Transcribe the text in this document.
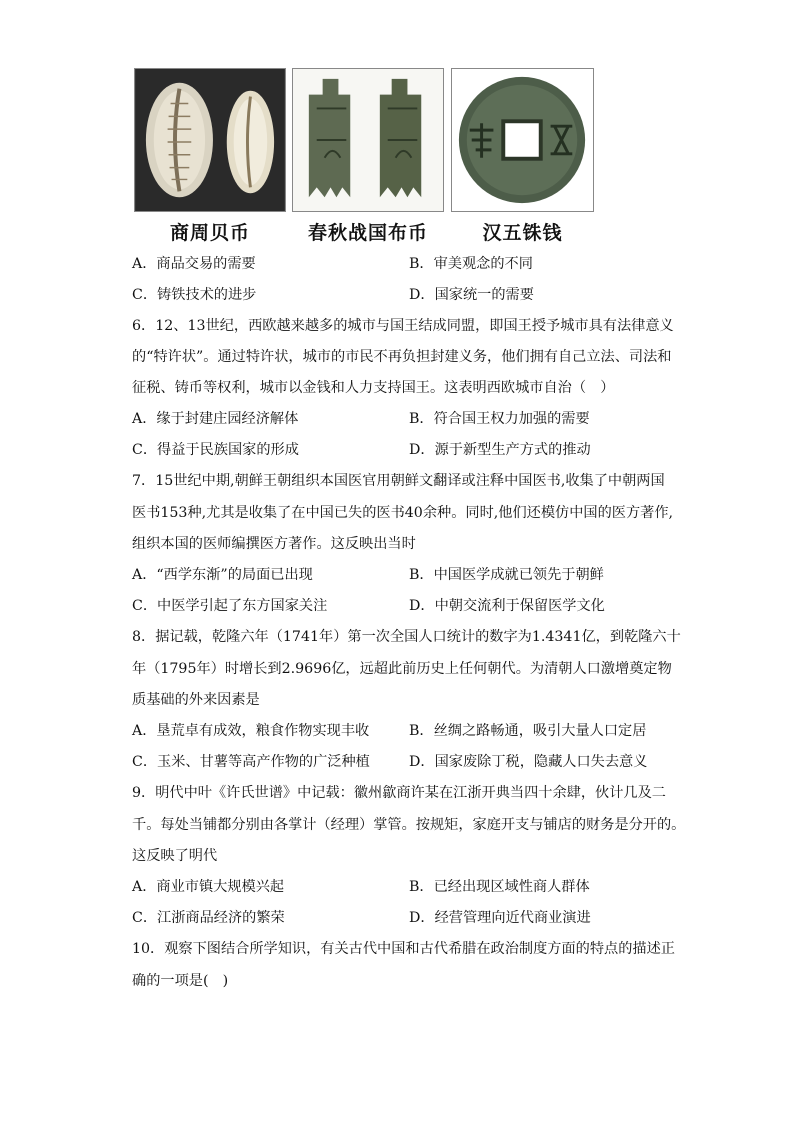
商周贝币	春秋战国布币	汉五铢钱
A．商品交易的需要	B．审美观念的不同
C．铸铁技术的进步	D．国家统一的需要
6．12、13世纪，西欧越来越多的城市与国王结成同盟，即国王授予城市具有法律意义
的“特许状”。通过特许状，城市的市民不再负担封建义务，他们拥有自己立法、司法和
征税、铸币等权利，城市以金钱和人力支持国王。这表明西欧城市自治（　）
A．缘于封建庄园经济解体	B．符合国王权力加强的需要
C．得益于民族国家的形成	D．源于新型生产方式的推动
7．15世纪中期,朝鲜王朝组织本国医官用朝鲜文翻译或注释中国医书,收集了中朝两国
医书153种,尤其是收集了在中国已失的医书40余种。同时,他们还模仿中国的医方著作,
组织本国的医师编撰医方著作。这反映出当时
A．“西学东渐”的局面已出现	B．中国医学成就已领先于朝鲜
C．中医学引起了东方国家关注	D．中朝交流利于保留医学文化
8．据记载，乾隆六年（1741年）第一次全国人口统计的数字为1.4341亿，到乾隆六十
年（1795年）时增长到2.9696亿，远超此前历史上任何朝代。为清朝人口激增奠定物
质基础的外来因素是
A．垦荒卓有成效，粮食作物实现丰收	B．丝绸之路畅通，吸引大量人口定居
C．玉米、甘薯等高产作物的广泛种植	D．国家废除丁税，隐藏人口失去意义
9．明代中叶《许氏世谱》中记载：徽州歙商许某在江浙开典当四十余肆，伙计几及二
千。每处当铺都分别由各掌计（经理）掌管。按规矩，家庭开支与铺店的财务是分开的。
这反映了明代
A．商业市镇大规模兴起	B．已经出现区域性商人群体
C．江浙商品经济的繁荣	D．经营管理向近代商业演进
10．观察下图结合所学知识，有关古代中国和古代希腊在政治制度方面的特点的描述正
确的一项是(　)
